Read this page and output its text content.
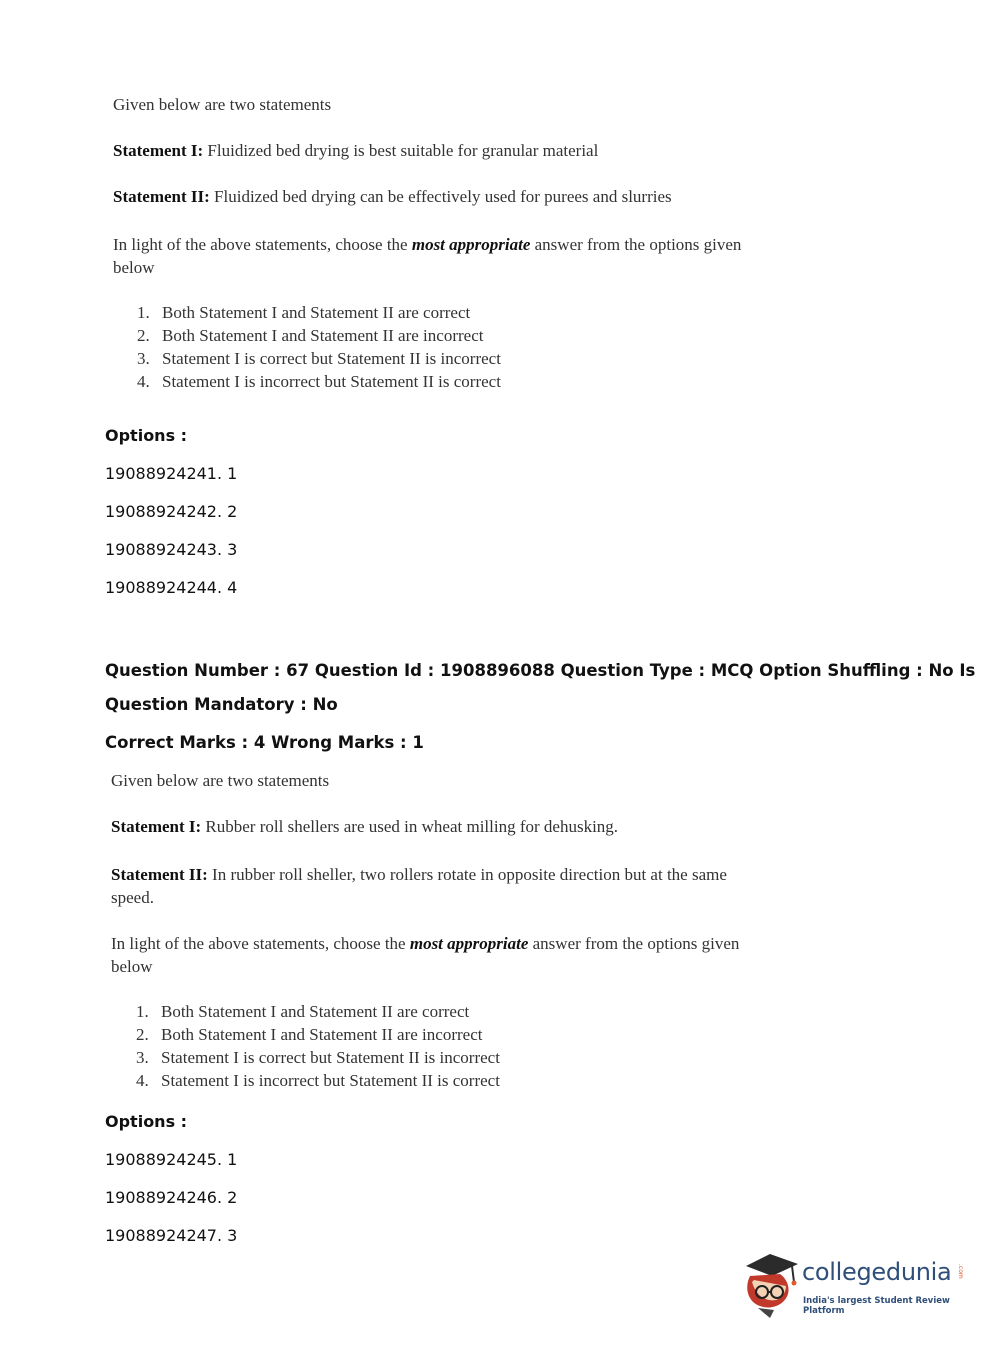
Given below are two statements
Statement I: Fluidized bed drying is best suitable for granular material
Statement II: Fluidized bed drying can be effectively used for purees and slurries
In light of the above statements, choose the most appropriate answer from the options given
below
1. Both Statement I and Statement II are correct
2. Both Statement I and Statement II are incorrect
3. Statement I is correct but Statement II is incorrect
4. Statement I is incorrect but Statement II is correct
Options :
19088924241. 1
19088924242. 2
19088924243. 3
19088924244. 4
Question Number : 67 Question Id : 1908896088 Question Type : MCQ Option Shuffling : No Is
Question Mandatory : No
Correct Marks : 4 Wrong Marks : 1
Given below are two statements
Statement I: Rubber roll shellers are used in wheat milling for dehusking.
Statement II: In rubber roll sheller, two rollers rotate in opposite direction but at the same
speed.
In light of the above statements, choose the most appropriate answer from the options given
below
1. Both Statement I and Statement II are correct
2. Both Statement I and Statement II are incorrect
3. Statement I is correct but Statement II is incorrect
4. Statement I is incorrect but Statement II is correct
Options :
19088924245. 1
19088924246. 2
19088924247. 3
collegedunia .com
India's largest Student Review Platform
